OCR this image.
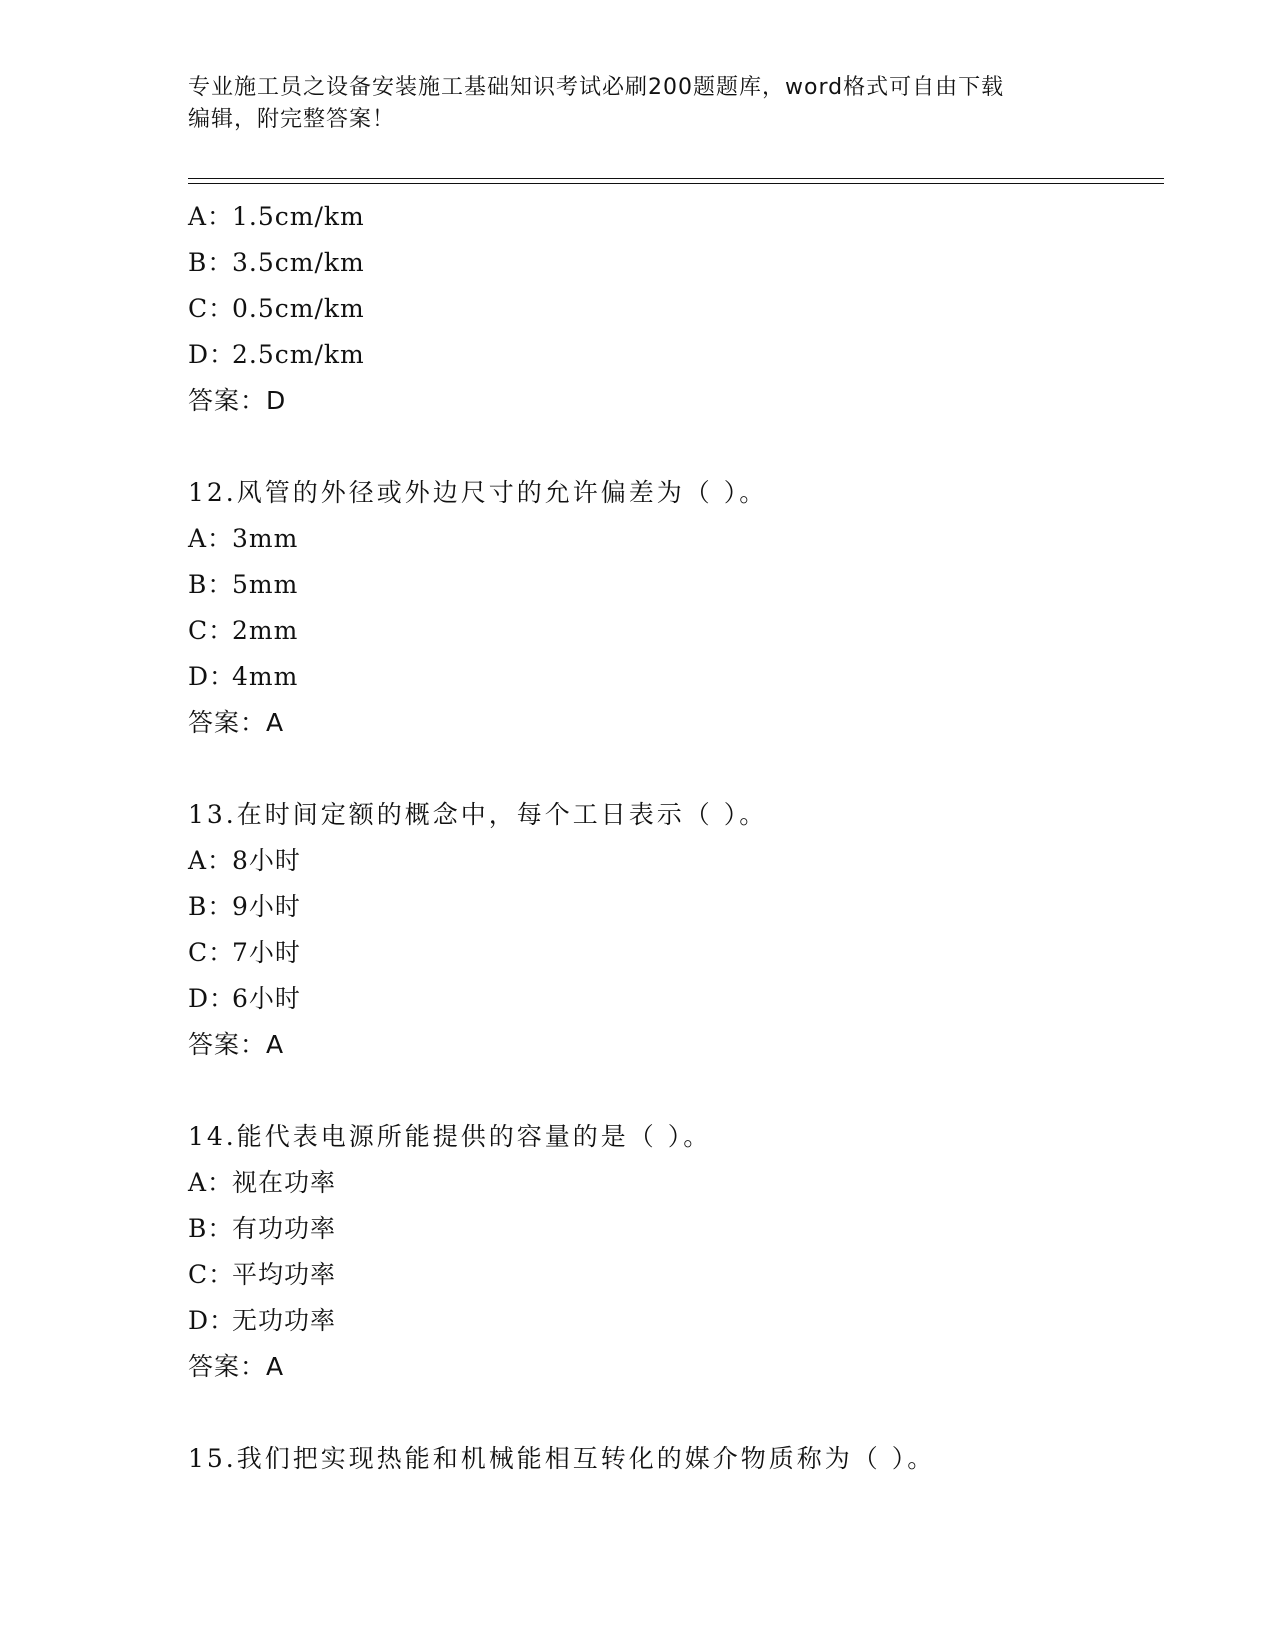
专业施工员之设备安装施工基础知识考试必刷200题题库，word格式可自由下载
编辑，附完整答案！
A：1.5cm/km
B：3.5cm/km
C：0.5cm/km
D：2.5cm/km
答案：D
12.风管的外径或外边尺寸的允许偏差为（ ）。
A：3mm
B：5mm
C：2mm
D：4mm
答案：A
13.在时间定额的概念中，每个工日表示（ ）。
A：8小时
B：9小时
C：7小时
D：6小时
答案：A
14.能代表电源所能提供的容量的是（ ）。
A：视在功率
B：有功功率
C：平均功率
D：无功功率
答案：A
15.我们把实现热能和机械能相互转化的媒介物质称为（ ）。
